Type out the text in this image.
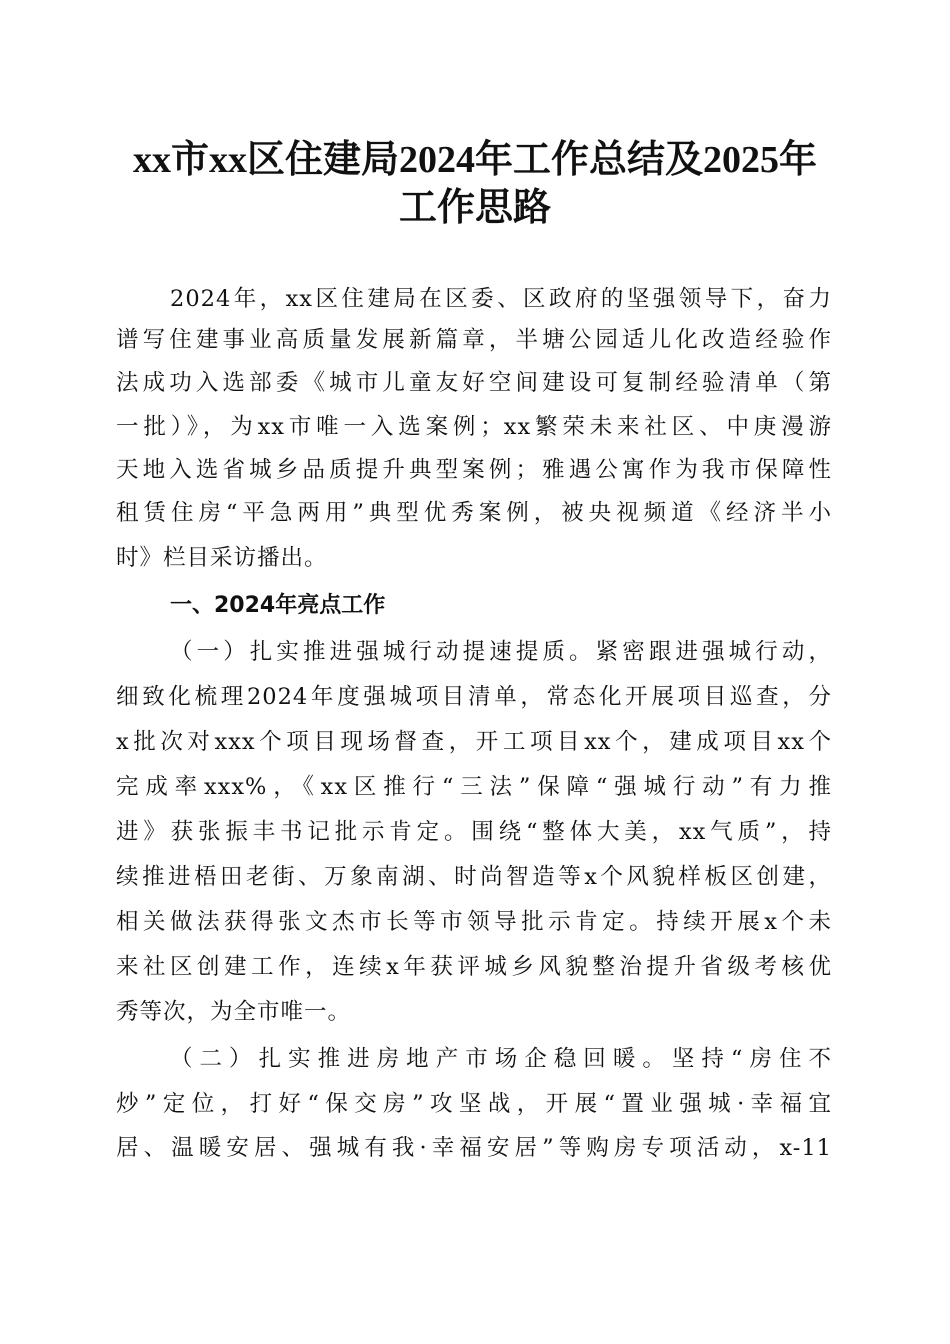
xx市xx区住建局2024年工作总结及2025年
工作思路
2024年，xx区住建局在区委、区政府的坚强领导下，奋力
谱写住建事业高质量发展新篇章，半塘公园适儿化改造经验作
法成功入选部委《城市儿童友好空间建设可复制经验清单（第
一批）》，为xx市唯一入选案例；xx繁荣未来社区、中庚漫游
天地入选省城乡品质提升典型案例；雅遇公寓作为我市保障性
租赁住房“平急两用”典型优秀案例，被央视频道《经济半小
时》栏目采访播出。
一、2024年亮点工作
（一）扎实推进强城行动提速提质。紧密跟进强城行动，
细致化梳理2024年度强城项目清单，常态化开展项目巡查，分
x批次对xxx个项目现场督查，开工项目xx个，建成项目xx个
完成率xxx%，《xx区推行“三法”保障“强城行动”有力推
进》获张振丰书记批示肯定。围绕“整体大美，xx气质”，持
续推进梧田老街、万象南湖、时尚智造等x个风貌样板区创建，
相关做法获得张文杰市长等市领导批示肯定。持续开展x个未
来社区创建工作，连续x年获评城乡风貌整治提升省级考核优
秀等次，为全市唯一。
（二）扎实推进房地产市场企稳回暖。坚持“房住不
炒”定位，打好“保交房”攻坚战，开展“置业强城·幸福宜
居、温暖安居、强城有我·幸福安居”等购房专项活动，x-11
